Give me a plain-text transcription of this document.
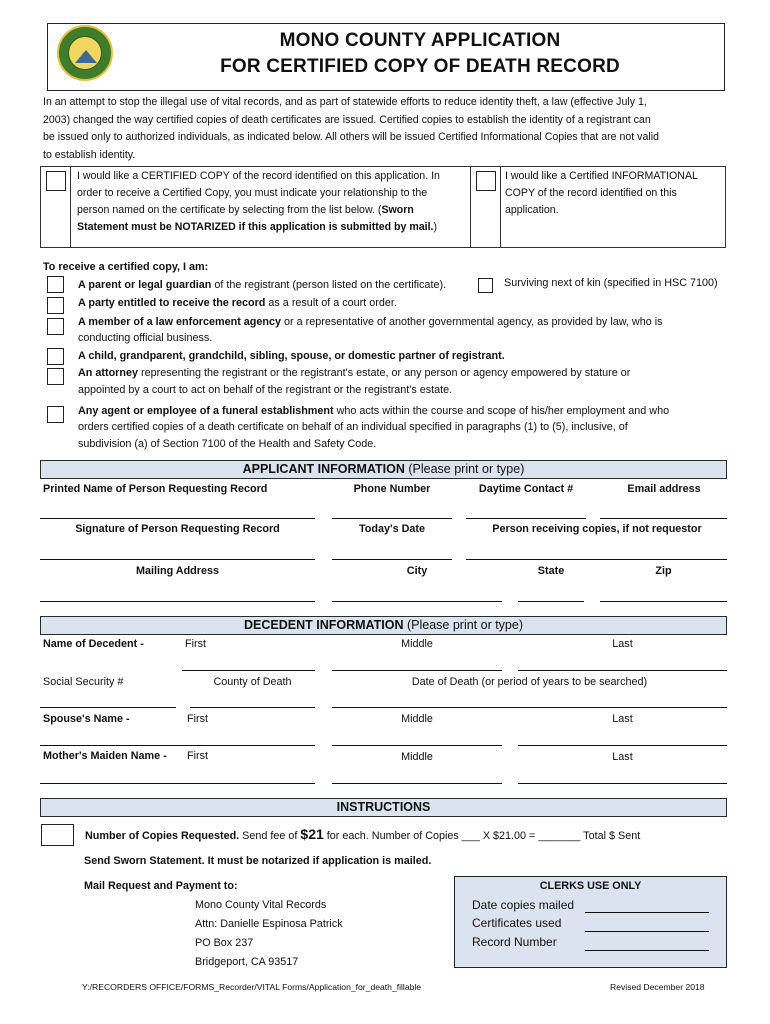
MONO COUNTY APPLICATION
FOR CERTIFIED COPY OF DEATH RECORD
In an attempt to stop the illegal use of vital records, and as part of statewide efforts to reduce identity theft, a law (effective July 1,
2003) changed the way certified copies of death certificates are issued. Certified copies to establish the identity of a registrant can
be issued only to authorized individuals, as indicated below. All others will be issued Certified Informational Copies that are not valid
to establish identity.
I would like a CERTIFIED COPY of the record identified on this application. In
order to receive a Certified Copy, you must indicate your relationship to the
person named on the certificate by selecting from the list below. (Sworn
Statement must be NOTARIZED if this application is submitted by mail.)
I would like a Certified INFORMATIONAL
COPY of the record identified on this
application.
To receive a certified copy, I am:
A parent or legal guardian of the registrant (person listed on the certificate).	Surviving next of kin (specified in HSC 7100)
A party entitled to receive the record as a result of a court order.
A member of a law enforcement agency or a representative of another governmental agency, as provided by law, who is
conducting official business.
A child, grandparent, grandchild, sibling, spouse, or domestic partner of registrant.
An attorney representing the registrant or the registrant's estate, or any person or agency empowered by stature or
appointed by a court to act on behalf of the registrant or the registrant's estate.
Any agent or employee of a funeral establishment who acts within the course and scope of his/her employment and who
orders certified copies of a death certificate on behalf of an individual specified in paragraphs (1) to (5), inclusive, of
subdivision (a) of Section 7100 of the Health and Safety Code.
APPLICANT INFORMATION (Please print or type)
Printed Name of Person Requesting Record	Phone Number	Daytime Contact #	Email address
Signature of Person Requesting Record	Today's Date	Person receiving copies, if not requestor
Mailing Address	City	State	Zip
DECEDENT INFORMATION (Please print or type)
Name of Decedent -	First	Middle	Last
Social Security #	County of Death	Date of Death (or period of years to be searched)
Spouse's Name -	First	Middle	Last
Mother's Maiden Name - First	Middle	Last
INSTRUCTIONS
Number of Copies Requested. Send fee of $21 for each. Number of Copies ___ X $21.00 = _______ Total $ Sent
Send Sworn Statement. It must be notarized if application is mailed.
Mail Request and Payment to:
Mono County Vital Records
Attn: Danielle Espinosa Patrick
PO Box 237
Bridgeport, CA 93517
CLERKS USE ONLY
Date copies mailed
Certificates used
Record Number
Y:/RECORDERS OFFICE/FORMS_Recorder/VITAL Forms/Application_for_death_fillable	Revised December 2018
